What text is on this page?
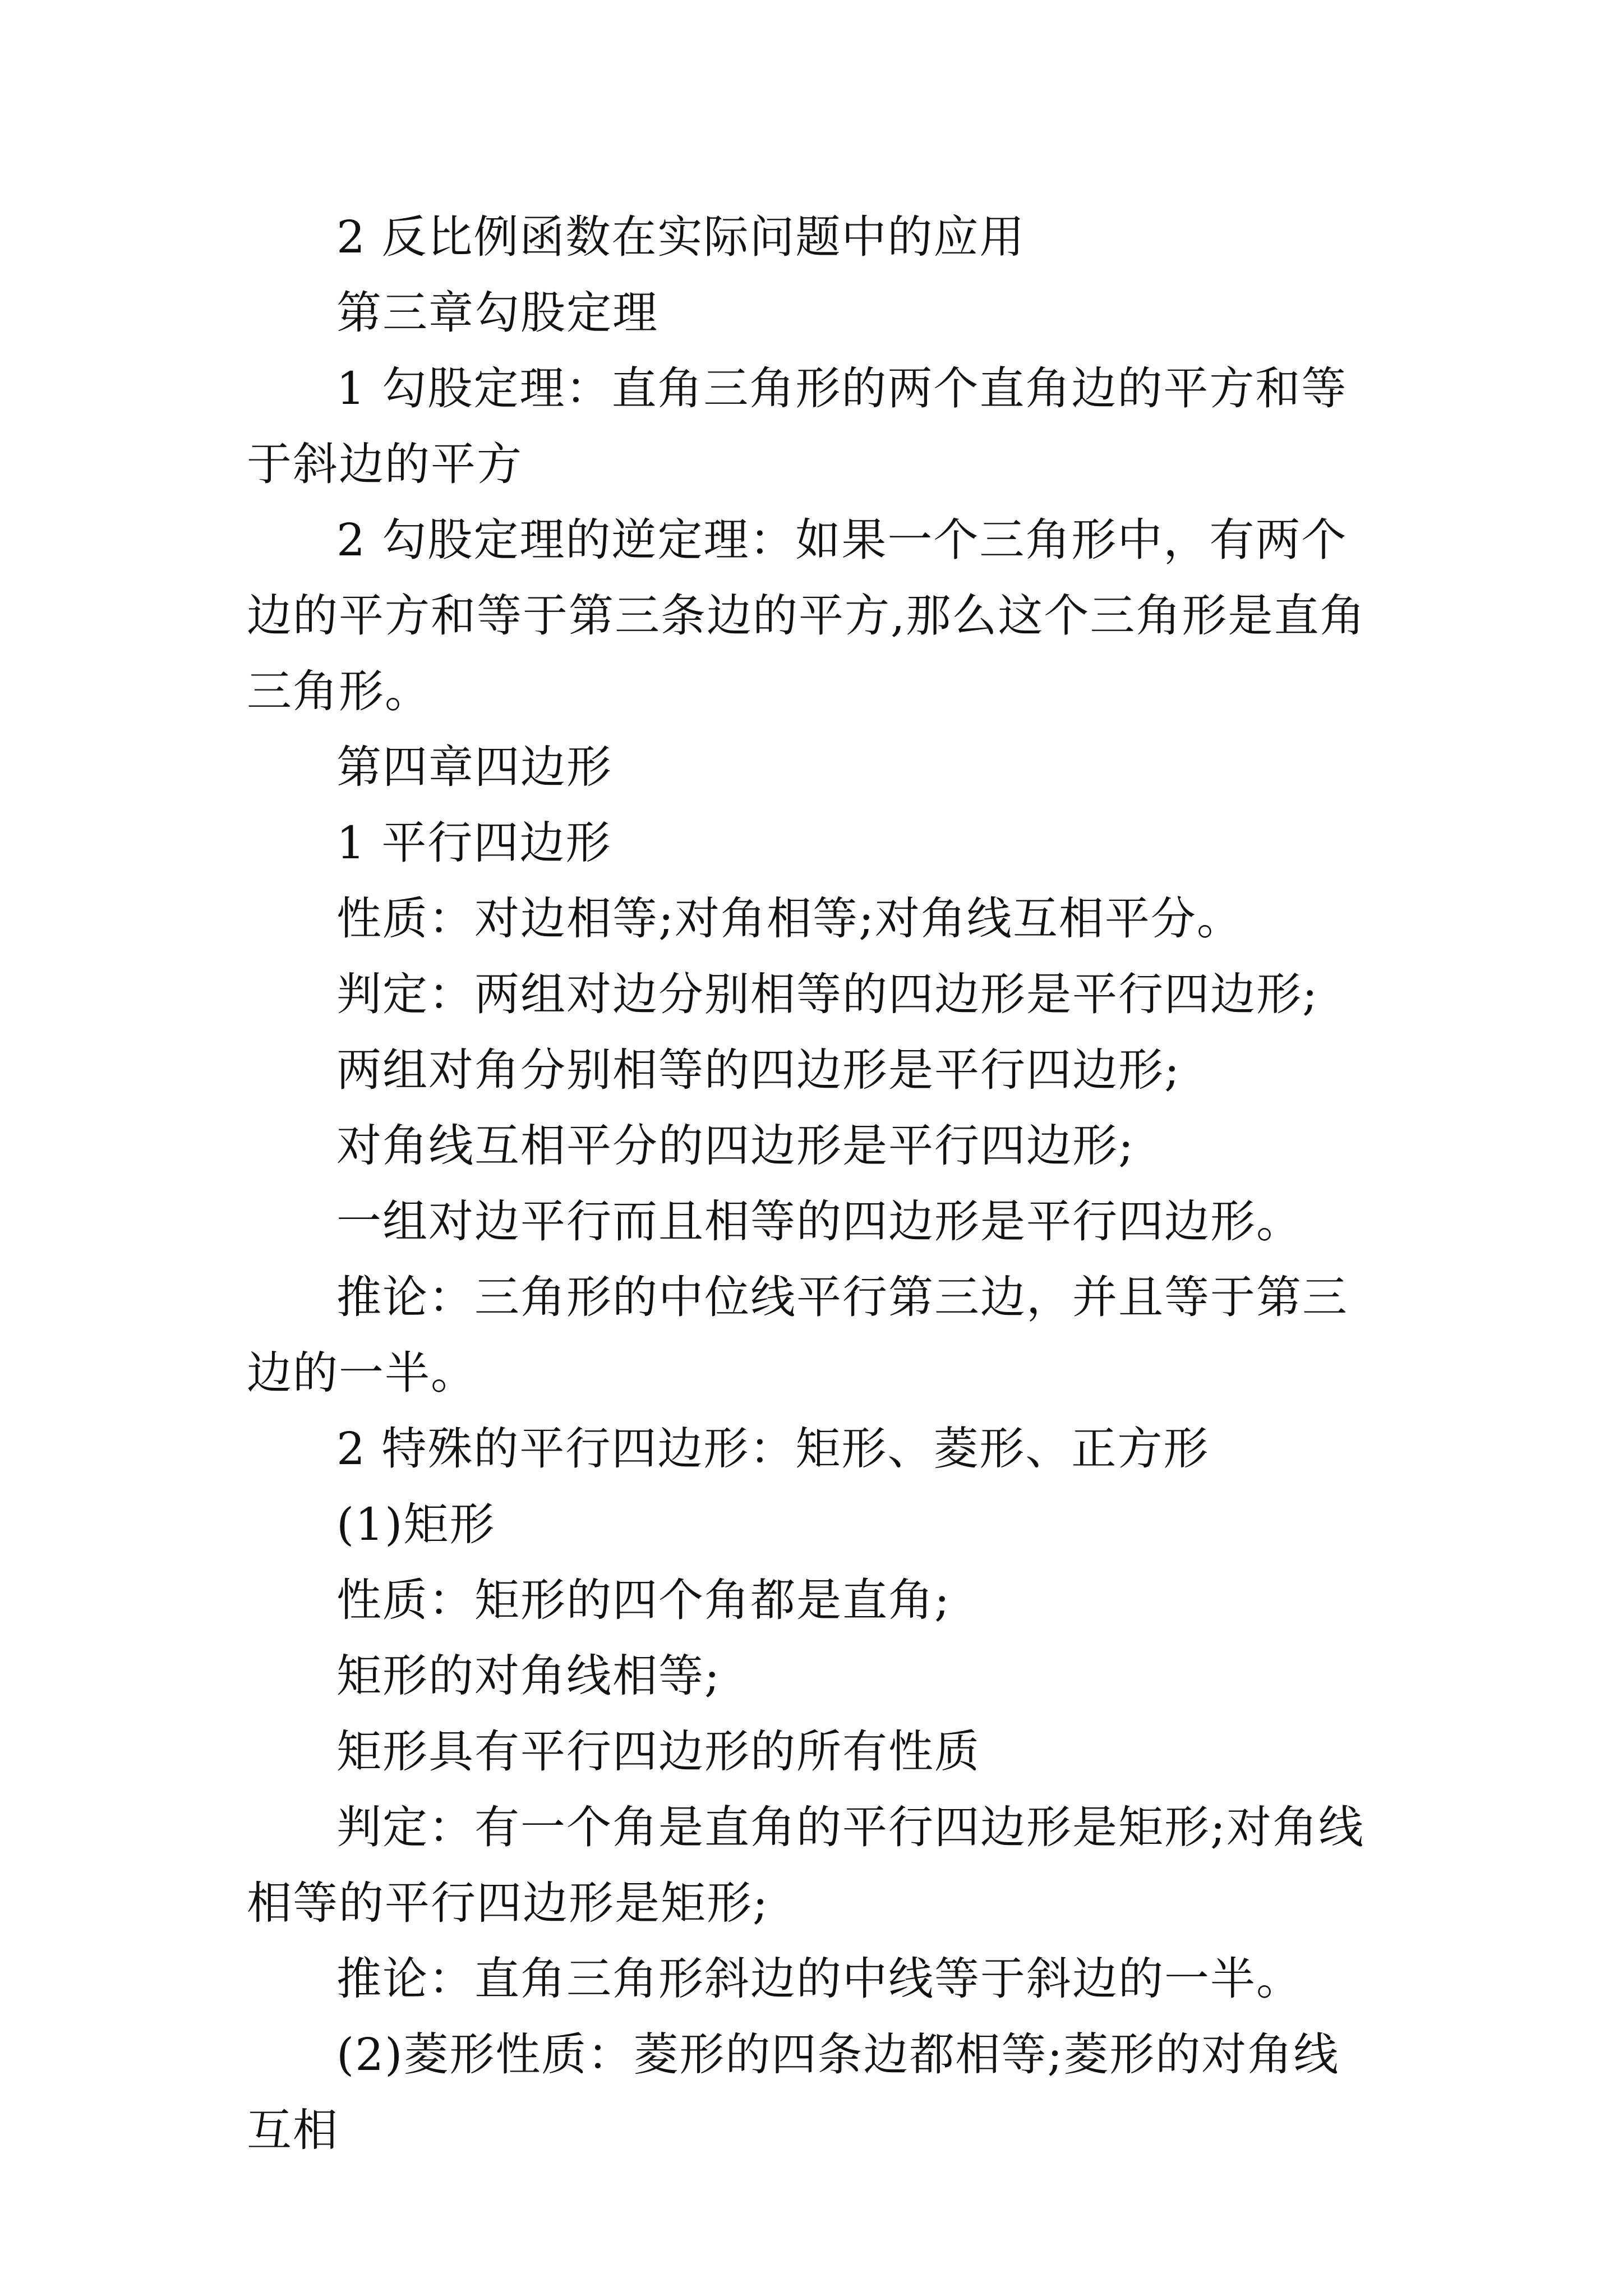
2 反比例函数在实际问题中的应用

第三章勾股定理

1 勾股定理：直角三角形的两个直角边的平方和等于斜边的平方

2 勾股定理的逆定理：如果一个三角形中，有两个边的平方和等于第三条边的平方,那么这个三角形是直角三角形。

第四章四边形

1 平行四边形

性质：对边相等;对角相等;对角线互相平分。

判定：两组对边分别相等的四边形是平行四边形;

两组对角分别相等的四边形是平行四边形;

对角线互相平分的四边形是平行四边形;

一组对边平行而且相等的四边形是平行四边形。

推论：三角形的中位线平行第三边，并且等于第三边的一半。

2 特殊的平行四边形：矩形、菱形、正方形

(1)矩形

性质：矩形的四个角都是直角;

矩形的对角线相等;

矩形具有平行四边形的所有性质

判定：有一个角是直角的平行四边形是矩形;对角线相等的平行四边形是矩形;

推论：直角三角形斜边的中线等于斜边的一半。

(2)菱形性质：菱形的四条边都相等;菱形的对角线互相
